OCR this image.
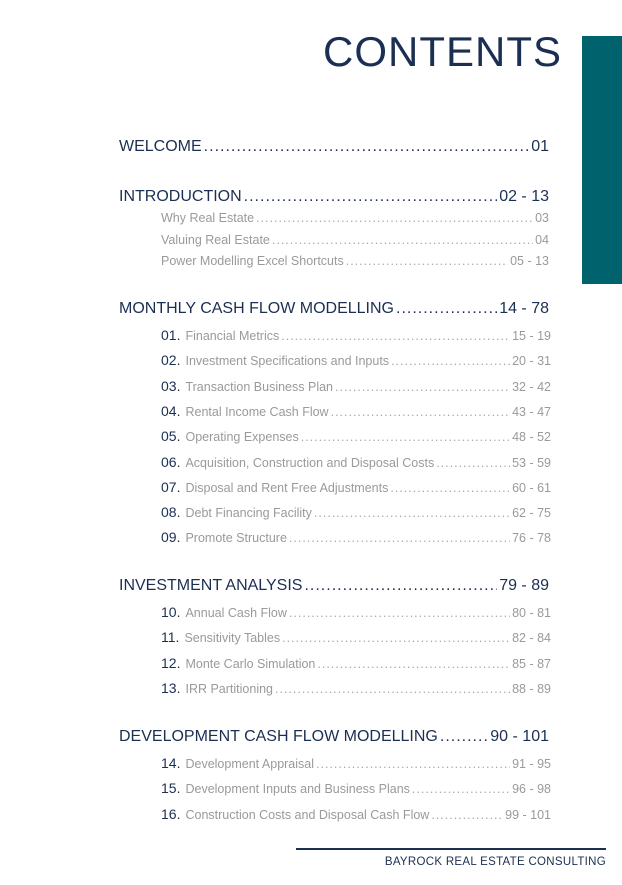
CONTENTS
WELCOME .....	01
INTRODUCTION .....	02 - 13
Why Real Estate .....	03
Valuing Real Estate .....	04
Power Modelling Excel Shortcuts .....	05 - 13
MONTHLY CASH FLOW MODELLING .....	14 - 78
01. Financial Metrics .....	15 - 19
02. Investment Specifications and Inputs .....	20 - 31
03. Transaction Business Plan .....	32 - 42
04. Rental Income Cash Flow .....	43 - 47
05. Operating Expenses .....	48 - 52
06. Acquisition, Construction and Disposal Costs .....	53 - 59
07. Disposal and Rent Free Adjustments .....	60 - 61
08. Debt Financing Facility .....	62 - 75
09. Promote Structure .....	76 - 78
INVESTMENT ANALYSIS .....	79 - 89
10. Annual Cash Flow .....	80 - 81
11. Sensitivity Tables .....	82 - 84
12. Monte Carlo Simulation .....	85 - 87
13. IRR Partitioning .....	88 - 89
DEVELOPMENT CASH FLOW MODELLING .....	90 - 101
14. Development Appraisal .....	91 - 95
15. Development Inputs and Business Plans .....	96 - 98
16. Construction Costs and Disposal Cash Flow .....	99 - 101
BAYROCK REAL ESTATE CONSULTING
